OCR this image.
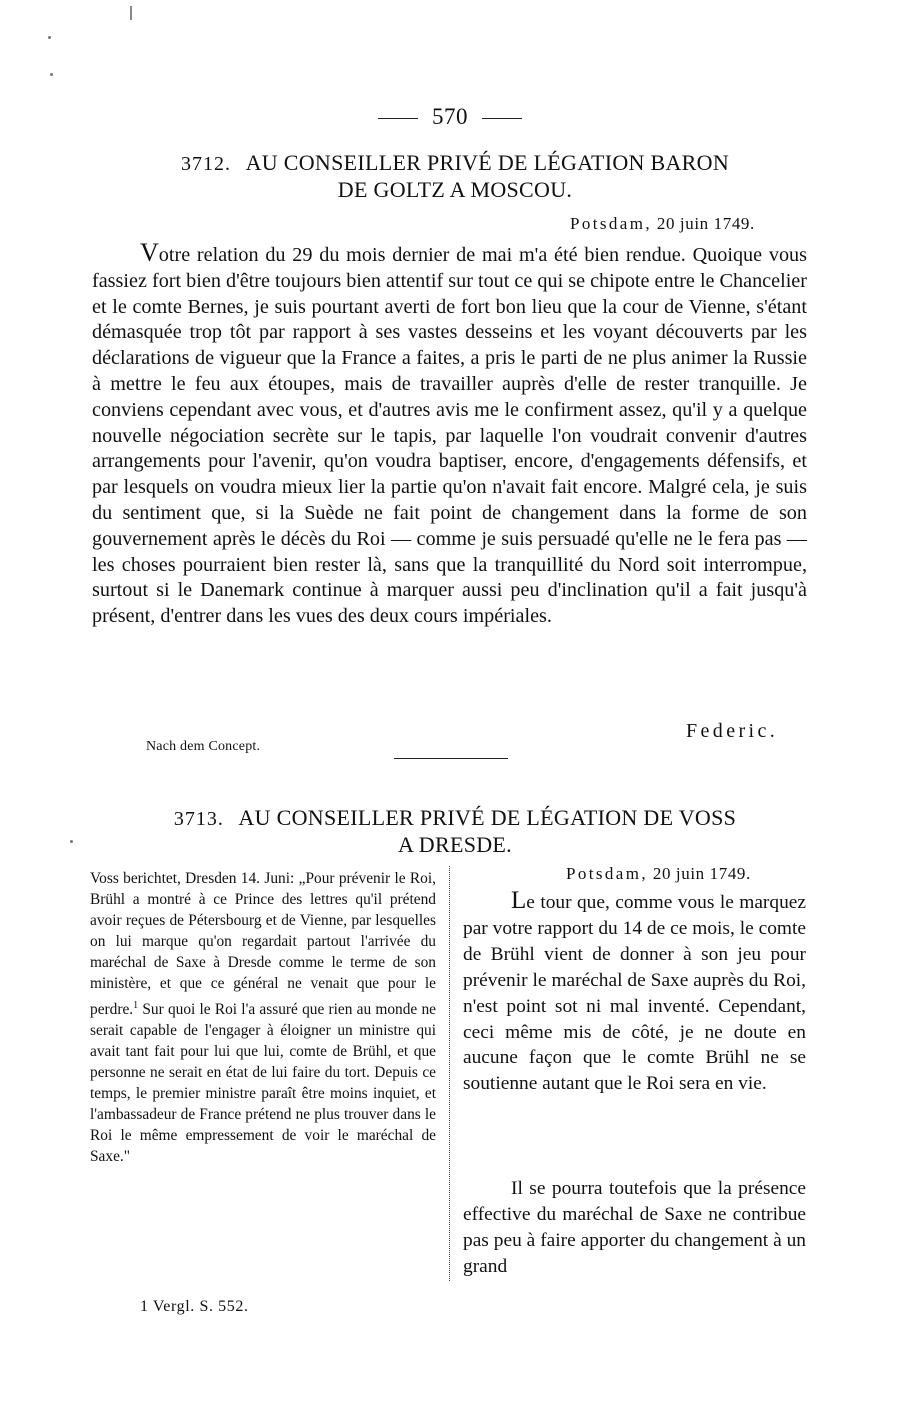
570
3712. AU CONSEILLER PRIVÉ DE LÉGATION BARON
DE GOLTZ A MOSCOU.
Potsdam, 20 juin 1749.

Votre relation du 29 du mois dernier de mai m'a été bien rendue. Quoique vous fassiez fort bien d'être toujours bien attentif sur tout ce qui se chipote entre le Chancelier et le comte Bernes, je suis pourtant averti de fort bon lieu que la cour de Vienne, s'étant démasquée trop tôt par rapport à ses vastes desseins et les voyant découverts par les déclarations de vigueur que la France a faites, a pris le parti de ne plus animer la Russie à mettre le feu aux étoupes, mais de travailler auprès d'elle de rester tranquille. Je conviens cependant avec vous, et d'autres avis me le confirment assez, qu'il y a quelque nouvelle négociation secrète sur le tapis, par laquelle l'on voudrait convenir d'autres arrangements pour l'avenir, qu'on voudra baptiser, encore, d'engagements défensifs, et par lesquels on voudra mieux lier la partie qu'on n'avait fait encore. Malgré cela, je suis du sentiment que, si la Suède ne fait point de changement dans la forme de son gouvernement après le décès du Roi — comme je suis persuadé qu'elle ne le fera pas — les choses pourraient bien rester là, sans que la tranquillité du Nord soit interrompue, surtout si le Danemark continue à marquer aussi peu d'inclination qu'il a fait jusqu'à présent, d'entrer dans les vues des deux cours impériales.

Federic.
Nach dem Concept.
3713. AU CONSEILLER PRIVÉ DE LÉGATION DE VOSS
A DRESDE.

Voss berichtet, Dresden 14. Juni: „Pour prévenir le Roi, Brühl a montré à ce Prince des lettres qu'il prétend avoir reçues de Pétersbourg et de Vienne, par lesquelles on lui marque qu'on regardait partout l'arrivée du maréchal de Saxe à Dresde comme le terme de son ministère, et que ce général ne venait que pour le perdre.$^1$ Sur quoi le Roi l'a assuré que rien au monde ne serait capable de l'engager à éloigner un ministre qui avait tant fait pour lui que lui, comte de Brühl, et que personne ne serait en état de lui faire du tort. Depuis ce temps, le premier ministre paraît être moins inquiet, et l'ambassadeur de France prétend ne plus trouver dans le Roi le même empressement de voir le maréchal de Saxe."

Potsdam, 20 juin 1749.

Le tour que, comme vous le marquez par votre rapport du 14 de ce mois, le comte de Brühl vient de donner à son jeu pour prévenir le maréchal de Saxe auprès du Roi, n'est point sot ni mal inventé. Cependant, ceci même mis de côté, je ne doute en aucune façon que le comte Brühl ne se soutienne autant que le Roi sera en vie.

Il se pourra toutefois que la présence effective du maréchal de Saxe ne contribue pas peu à faire apporter du changement à un grand

1 Vergl. S. 552.
